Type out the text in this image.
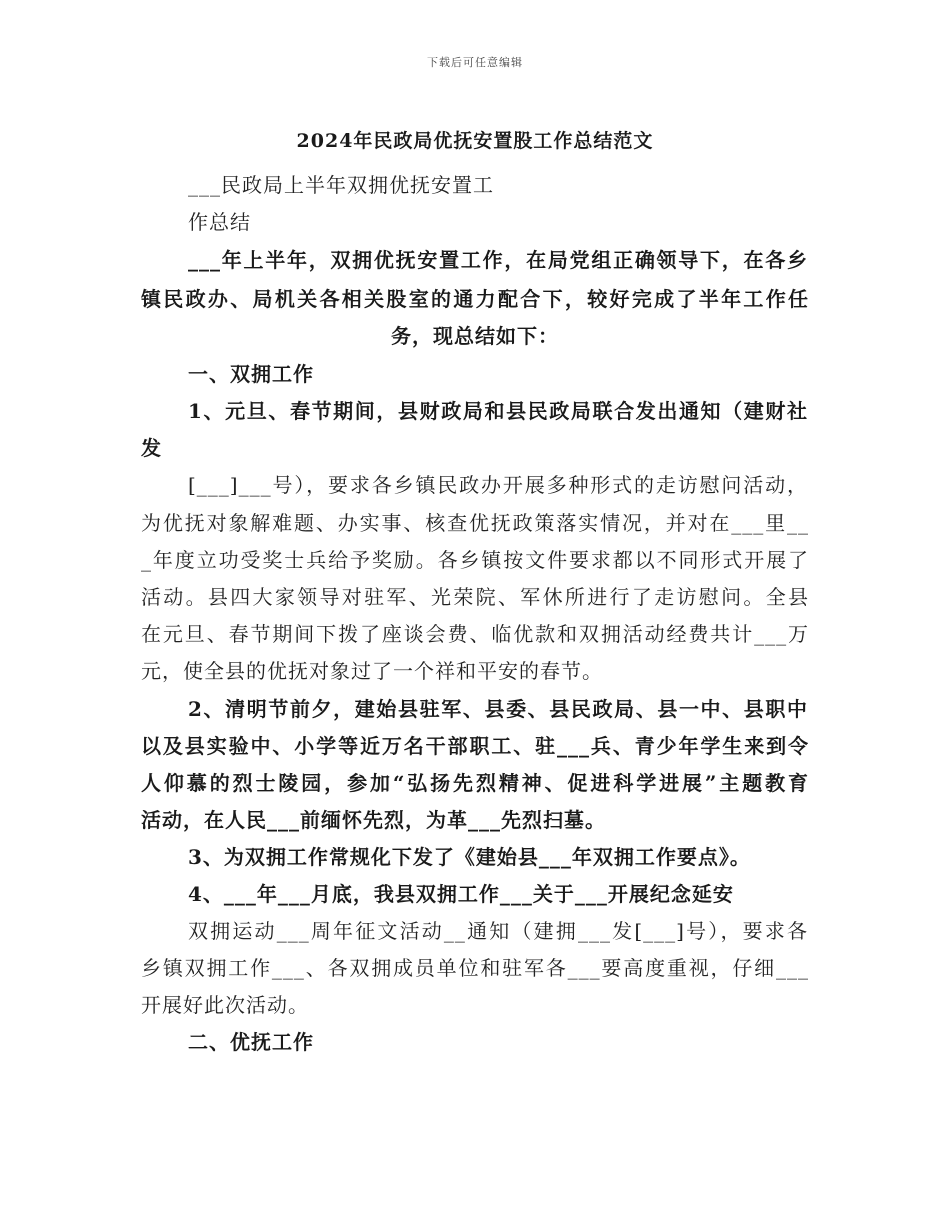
下载后可任意编辑
2024年民政局优抚安置股工作总结范文
___民政局上半年双拥优抚安置工
作总结
___年上半年，双拥优抚安置工作，在局党组正确领导下，在各乡
镇民政办、局机关各相关股室的通力配合下，较好完成了半年工作任
务，现总结如下：
一、双拥工作
1、元旦、春节期间，县财政局和县民政局联合发出通知（建财社
发
[___]___号），要求各乡镇民政办开展多种形式的走访慰问活动，
为优抚对象解难题、办实事、核查优抚政策落实情况，并对在___里__
_年度立功受奖士兵给予奖励。各乡镇按文件要求都以不同形式开展了
活动。县四大家领导对驻军、光荣院、军休所进行了走访慰问。全县
在元旦、春节期间下拨了座谈会费、临优款和双拥活动经费共计___万
元，使全县的优抚对象过了一个祥和平安的春节。
2、清明节前夕，建始县驻军、县委、县民政局、县一中、县职中
以及县实验中、小学等近万名干部职工、驻___兵、青少年学生来到令
人仰慕的烈士陵园，参加“弘扬先烈精神、促进科学进展”主题教育
活动，在人民___前缅怀先烈，为革___先烈扫墓。
3、为双拥工作常规化下发了《建始县___年双拥工作要点》。
4、___年___月底，我县双拥工作___关于___开展纪念延安
双拥运动___周年征文活动__通知（建拥___发[___]号），要求各
乡镇双拥工作___、各双拥成员单位和驻军各___要高度重视，仔细___
开展好此次活动。
二、优抚工作
